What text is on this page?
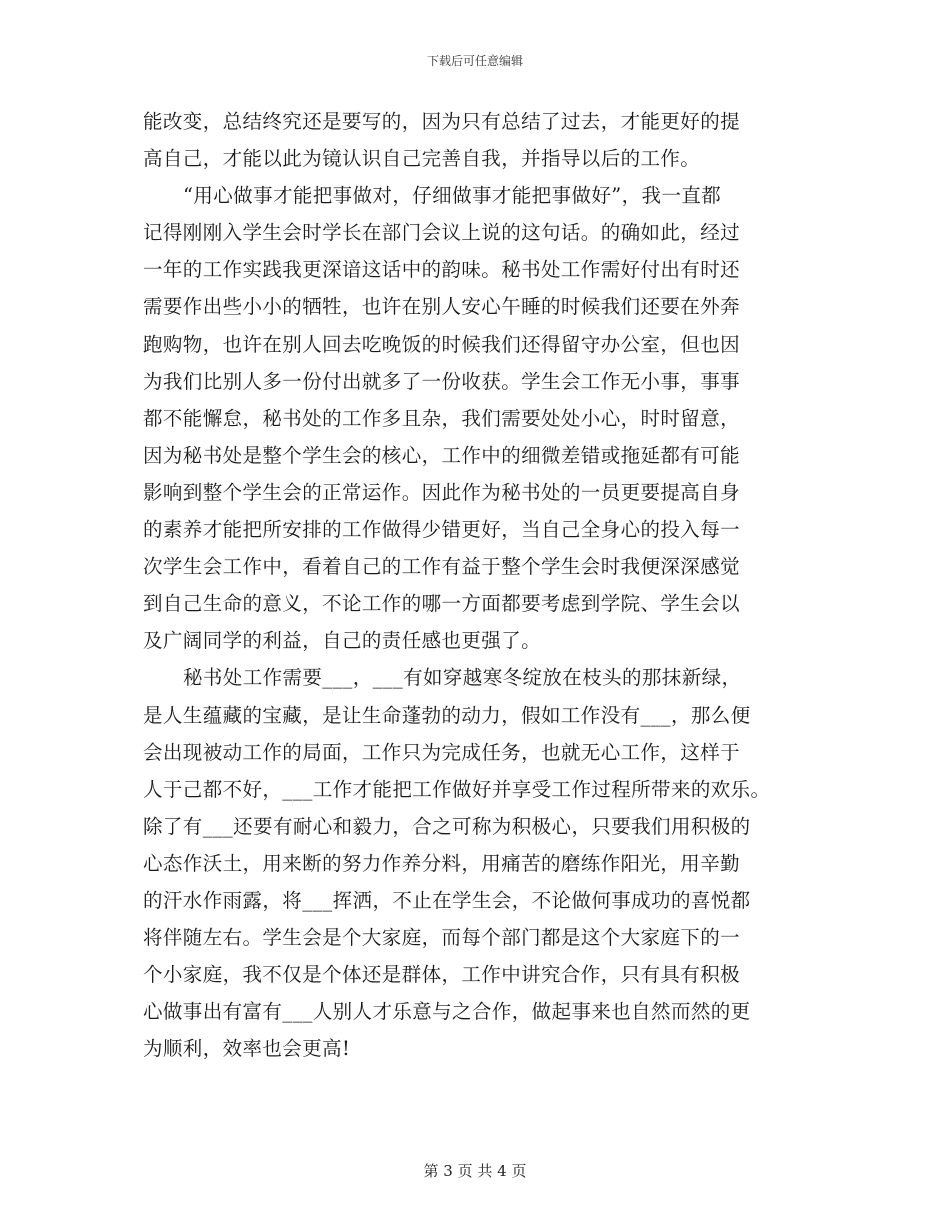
下载后可任意编辑
能改变，总结终究还是要写的，因为只有总结了过去，才能更好的提
高自己，才能以此为镜认识自己完善自我，并指导以后的工作。
“用心做事才能把事做对，仔细做事才能把事做好”，我一直都
记得刚刚入学生会时学长在部门会议上说的这句话。的确如此，经过
一年的工作实践我更深谙这话中的韵味。秘书处工作需好付出有时还
需要作出些小小的牺牲，也许在别人安心午睡的时候我们还要在外奔
跑购物，也许在别人回去吃晚饭的时候我们还得留守办公室，但也因
为我们比别人多一份付出就多了一份收获。学生会工作无小事，事事
都不能懈怠，秘书处的工作多且杂，我们需要处处小心，时时留意，
因为秘书处是整个学生会的核心，工作中的细微差错或拖延都有可能
影响到整个学生会的正常运作。因此作为秘书处的一员更要提高自身
的素养才能把所安排的工作做得少错更好，当自己全身心的投入每一
次学生会工作中，看着自己的工作有益于整个学生会时我便深深感觉
到自己生命的意义，不论工作的哪一方面都要考虑到学院、学生会以
及广阔同学的利益，自己的责任感也更强了。
秘书处工作需要___，___有如穿越寒冬绽放在枝头的那抹新绿，
是人生蕴藏的宝藏，是让生命蓬勃的动力，假如工作没有___，那么便
会出现被动工作的局面，工作只为完成任务，也就无心工作，这样于
人于己都不好，___工作才能把工作做好并享受工作过程所带来的欢乐。
除了有___还要有耐心和毅力，合之可称为积极心，只要我们用积极的
心态作沃土，用来断的努力作养分料，用痛苦的磨练作阳光，用辛勤
的汗水作雨露，将___挥洒，不止在学生会，不论做何事成功的喜悦都
将伴随左右。学生会是个大家庭，而每个部门都是这个大家庭下的一
个小家庭，我不仅是个体还是群体，工作中讲究合作，只有具有积极
心做事出有富有___人别人才乐意与之合作，做起事来也自然而然的更
为顺利，效率也会更高!
第 3 页 共 4 页
